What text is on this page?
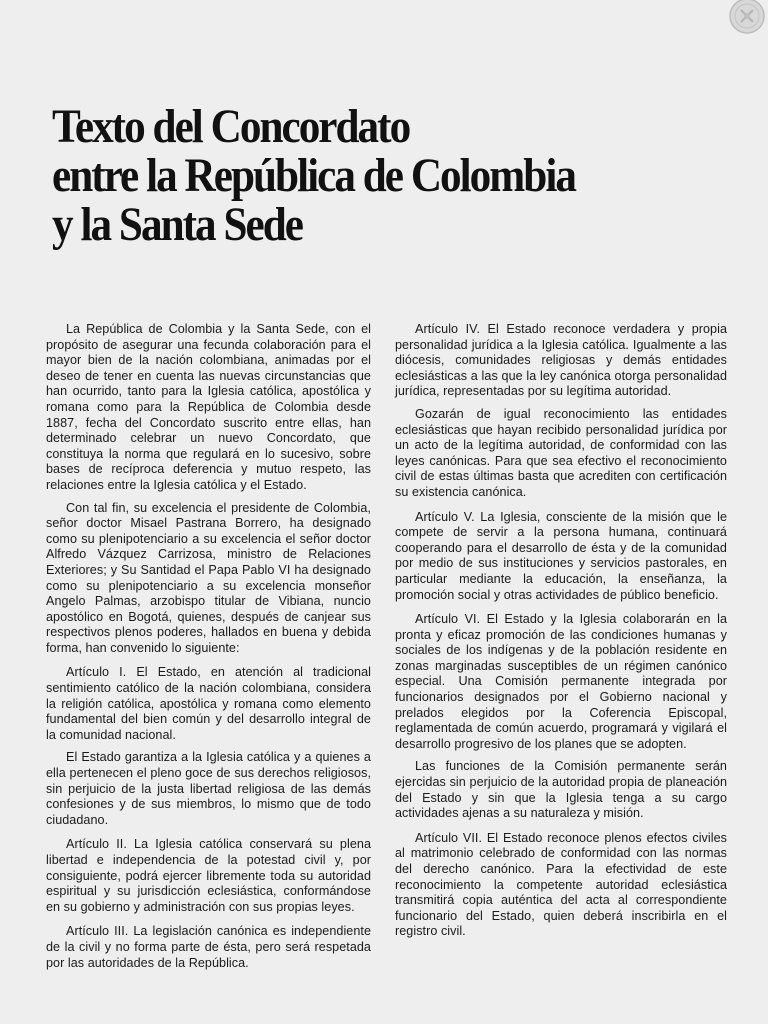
Texto del Concordato
entre la República de Colombia
y la Santa Sede

La República de Colombia y la Santa Sede, con el propósito de asegurar una fecunda colaboración para el mayor bien de la nación colombiana, animadas por el deseo de tener en cuenta las nuevas circunstancias que han ocurrido, tanto para la Iglesia católica, apostólica y romana como para la República de Colombia desde 1887, fecha del Concordato suscrito entre ellas, han determinado celebrar un nuevo Concordato, que constituya la norma que regulará en lo sucesivo, sobre bases de recíproca deferencia y mutuo respeto, las relaciones entre la Iglesia católica y el Estado.

Con tal fin, su excelencia el presidente de Colombia, señor doctor Misael Pastrana Borrero, ha designado como su plenipotenciario a su excelencia el señor doctor Alfredo Vázquez Carrizosa, ministro de Relaciones Exteriores; y Su Santidad el Papa Pablo VI ha designado como su plenipotenciario a su excelencia monseñor Angelo Palmas, arzobispo titular de Vibiana, nuncio apostólico en Bogotá, quienes, después de canjear sus respectivos plenos poderes, hallados en buena y debida forma, han convenido lo siguiente:

Artículo I. El Estado, en atención al tradicional sentimiento católico de la nación colombiana, considera la religión católica, apostólica y romana como elemento fundamental del bien común y del desarrollo integral de la comunidad nacional.

El Estado garantiza a la Iglesia católica y a quienes a ella pertenecen el pleno goce de sus derechos religiosos, sin perjuicio de la justa libertad religiosa de las demás confesiones y de sus miembros, lo mismo que de todo ciudadano.

Artículo II. La Iglesia católica conservará su plena libertad e independencia de la potestad civil y, por consiguiente, podrá ejercer libremente toda su autoridad espiritual y su jurisdicción eclesiástica, conformándose en su gobierno y administración con sus propias leyes.

Artículo III. La legislación canónica es independiente de la civil y no forma parte de ésta, pero será respetada por las autoridades de la República.

Artículo IV. El Estado reconoce verdadera y propia personalidad jurídica a la Iglesia católica. Igualmente a las diócesis, comunidades religiosas y demás entidades eclesiásticas a las que la ley canónica otorga personalidad jurídica, representadas por su legítima autoridad.

Gozarán de igual reconocimiento las entidades eclesiásticas que hayan recibido personalidad jurídica por un acto de la legítima autoridad, de conformidad con las leyes canónicas. Para que sea efectivo el reconocimiento civil de estas últimas basta que acrediten con certificación su existencia canónica.

Artículo V. La Iglesia, consciente de la misión que le compete de servir a la persona humana, continuará cooperando para el desarrollo de ésta y de la comunidad por medio de sus instituciones y servicios pastorales, en particular mediante la educación, la enseñanza, la promoción social y otras actividades de público beneficio.

Artículo VI. El Estado y la Iglesia colaborarán en la pronta y eficaz promoción de las condiciones humanas y sociales de los indígenas y de la población residente en zonas marginadas susceptibles de un régimen canónico especial. Una Comisión permanente integrada por funcionarios designados por el Gobierno nacional y prelados elegidos por la Coferencia Episcopal, reglamentada de común acuerdo, programará y vigilará el desarrollo progresivo de los planes que se adopten.

Las funciones de la Comisión permanente serán ejercidas sin perjuicio de la autoridad propia de planeación del Estado y sin que la Iglesia tenga a su cargo actividades ajenas a su naturaleza y misión.

Artículo VII. El Estado reconoce plenos efectos civiles al matrimonio celebrado de conformidad con las normas del derecho canónico. Para la efectividad de este reconocimiento la competente autoridad eclesiástica transmitirá copia auténtica del acta al correspondiente funcionario del Estado, quien deberá inscribirla en el registro civil.
